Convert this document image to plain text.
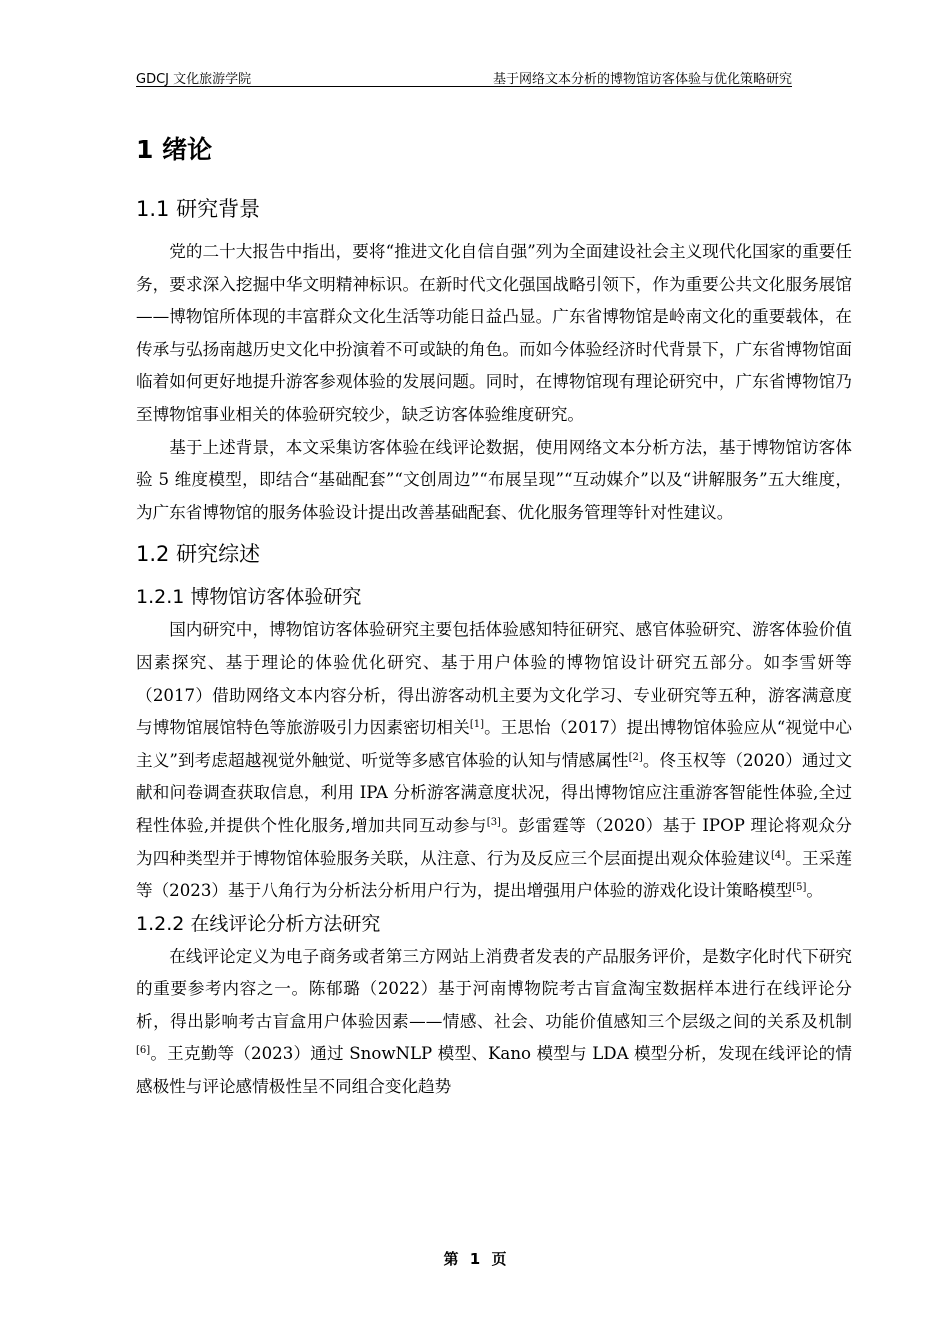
GDCJ 文化旅游学院	基于网络文本分析的博物馆访客体验与优化策略研究
1 绪论
1.1 研究背景

党的二十大报告中指出，要将“推进文化自信自强”列为全面建设社会主义现代化国家的重要任务，要求深入挖掘中华文明精神标识。在新时代文化强国战略引领下，作为重要公共文化服务展馆——博物馆所体现的丰富群众文化生活等功能日益凸显。广东省博物馆是岭南文化的重要载体，在传承与弘扬南越历史文化中扮演着不可或缺的角色。而如今体验经济时代背景下，广东省博物馆面临着如何更好地提升游客参观体验的发展问题。同时，在博物馆现有理论研究中，广东省博物馆乃至博物馆事业相关的体验研究较少，缺乏访客体验维度研究。

基于上述背景，本文采集访客体验在线评论数据，使用网络文本分析方法，基于博物馆访客体验 5 维度模型，即结合“基础配套”“文创周边”“布展呈现”“互动媒介”以及“讲解服务”五大维度，为广东省博物馆的服务体验设计提出改善基础配套、优化服务管理等针对性建议。

1.2 研究综述
1.2.1 博物馆访客体验研究

国内研究中，博物馆访客体验研究主要包括体验感知特征研究、感官体验研究、游客体验价值因素探究、基于理论的体验优化研究、基于用户体验的博物馆设计研究五部分。如李雪妍等（2017）借助网络文本内容分析，得出游客动机主要为文化学习、专业研究等五种，游客满意度与博物馆展馆特色等旅游吸引力因素密切相关[1]。王思怡（2017）提出博物馆体验应从“视觉中心主义”到考虑超越视觉外触觉、听觉等多感官体验的认知与情感属性[2]。佟玉权等（2020）通过文献和问卷调查获取信息，利用 IPA 分析游客满意度状况，得出博物馆应注重游客智能性体验,全过程性体验,并提供个性化服务,增加共同互动参与[3]。彭雷霆等（2020）基于 IPOP 理论将观众分为四种类型并于博物馆体验服务关联，从注意、行为及反应三个层面提出观众体验建议[4]。王采莲等（2023）基于八角行为分析法分析用户行为，提出增强用户体验的游戏化设计策略模型[5]。

1.2.2 在线评论分析方法研究

在线评论定义为电子商务或者第三方网站上消费者发表的产品服务评价，是数字化时代下研究的重要参考内容之一。陈郁璐（2022）基于河南博物院考古盲盒淘宝数据样本进行在线评论分析，得出影响考古盲盒用户体验因素——情感、社会、功能价值感知三个层级之间的关系及机制[6]。王克勤等（2023）通过 SnowNLP 模型、Kano 模型与 LDA 模型分析，发现在线评论的情感极性与评论感情极性呈不同组合变化趋势

第 1 页
